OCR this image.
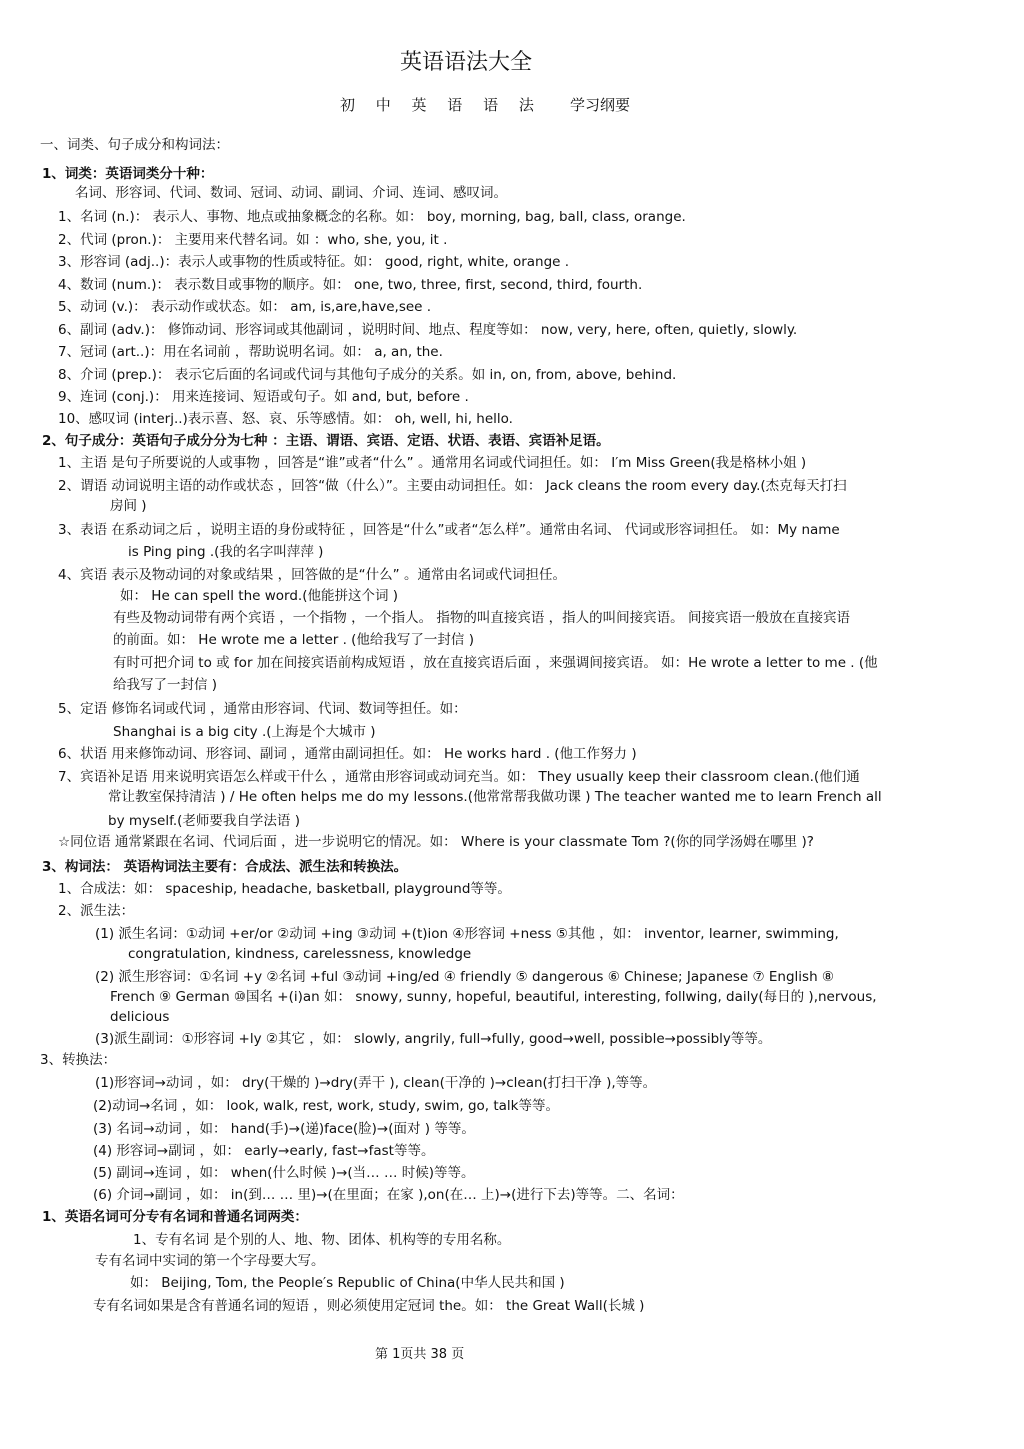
英语语法大全
初 中 英 语 语 法 学习纲要
一、词类、句子成分和构词法：
1、词类：英语词类分十种：
名词、形容词、代词、数词、冠词、动词、副词、介词、连词、感叹词。
1、名词 (n.)： 表示人、事物、地点或抽象概念的名称。如： boy, morning, bag, ball, class, orange.
2、代词 (pron.)： 主要用来代替名词。如 ：who, she, you, it .
3、形容词 (adj..)：表示人或事物的性质或特征。如： good, right, white, orange .
4、数词 (num.)： 表示数目或事物的顺序。如： one, two, three, first, second, third, fourth.
5、动词 (v.)： 表示动作或状态。如： am, is,are,have,see .
6、副词 (adv.)： 修饰动词、形容词或其他副词 ，说明时间、地点、程度等如： now, very, here, often, quietly, slowly.
7、冠词 (art..)：用在名词前 ，帮助说明名词。如： a, an, the.
8、介词 (prep.)： 表示它后面的名词或代词与其他句子成分的关系。如 in, on, from, above, behind.
9、连词 (conj.)： 用来连接词、短语或句子。如 and, but, before .
10、感叹词 (interj..)表示喜、怒、哀、乐等感情。如： oh, well, hi, hello.
2、句子成分：英语句子成分分为七种 ：主语、谓语、宾语、定语、状语、表语、宾语补足语。
1、主语 是句子所要说的人或事物 ，回答是“谁”或者“什么” 。通常用名词或代词担任。如： I′m Miss Green(我是格林小姐 )
2、谓语 动词说明主语的动作或状态 ，回答“做（什么）”。主要由动词担任。如： Jack cleans the room every day.(杰克每天打扫
房间 )
3、表语 在系动词之后 ，说明主语的身份或特征 ，回答是“什么”或者“怎么样”。通常由名词、 代词或形容词担任。 如：My name
is Ping ping .(我的名字叫萍萍 )
4、宾语 表示及物动词的对象或结果 ，回答做的是“什么” 。通常由名词或代词担任。
如： He can spell the word.(他能拼这个词 )
有些及物动词带有两个宾语 ，一个指物 ，一个指人。 指物的叫直接宾语 ，指人的叫间接宾语。 间接宾语一般放在直接宾语
的前面。如： He wrote me a letter . (他给我写了一封信 )
有时可把介词 to 或 for 加在间接宾语前构成短语 ，放在直接宾语后面 ，来强调间接宾语。 如：He wrote a letter to me . (他
给我写了一封信 )
5、定语 修饰名词或代词 ，通常由形容词、代词、数词等担任。如：
Shanghai is a big city .(上海是个大城市 )
6、状语 用来修饰动词、形容词、副词 ，通常由副词担任。如： He works hard . (他工作努力 )
7、宾语补足语 用来说明宾语怎么样或干什么 ，通常由形容词或动词充当。如： They usually keep their classroom clean.(他们通
常让教室保持清洁 ) / He often helps me do my lessons.(他常常帮我做功课 ) The teacher wanted me to learn French all
by myself.(老师要我自学法语 )
☆同位语 通常紧跟在名词、代词后面 ，进一步说明它的情况。如： Where is your classmate Tom ?(你的同学汤姆在哪里 )?
3、构词法： 英语构词法主要有：合成法、派生法和转换法。
1、合成法：如： spaceship, headache, basketball, playground等等。
2、派生法：
(1) 派生名词：①动词 +er/or ②动词 +ing ③动词 +(t)ion ④形容词 +ness ⑤其他 ，如： inventor, learner, swimming,
congratulation, kindness, carelessness, knowledge
(2) 派生形容词：①名词 +y ②名词 +ful ③动词 +ing/ed ④ friendly ⑤ dangerous ⑥ Chinese; Japanese ⑦ English ⑧
French ⑨ German ⑩国名 +(i)an 如： snowy, sunny, hopeful, beautiful, interesting, follwing, daily(每日的 ),nervous,
delicious
(3)派生副词：①形容词 +ly ②其它 ，如： slowly, angrily, full→fully, good→well, possible→possibly等等。
3、转换法：
(1)形容词→动词 ，如： dry(干燥的 )→dry(弄干 ), clean(干净的 )→clean(打扫干净 ),等等。
(2)动词→名词 ，如： look, walk, rest, work, study, swim, go, talk等等。
(3) 名词→动词 ，如： hand(手)→(递)face(脸)→(面对 ) 等等。
(4) 形容词→副词 ，如： early→early, fast→fast等等。
(5) 副词→连词 ，如： when(什么时候 )→(当… … 时候)等等。
(6) 介词→副词 ，如： in(到… … 里)→(在里面；在家 ),on(在… 上)→(进行下去)等等。二、名词：
1、英语名词可分专有名词和普通名词两类：
1、专有名词 是个别的人、地、物、团体、机构等的专用名称。
专有名词中实词的第一个字母要大写。
如： Beijing, Tom, the People′s Republic of China(中华人民共和国 )
专有名词如果是含有普通名词的短语 ，则必须使用定冠词 the。如： the Great Wall(长城 )
第 1页共 38 页
